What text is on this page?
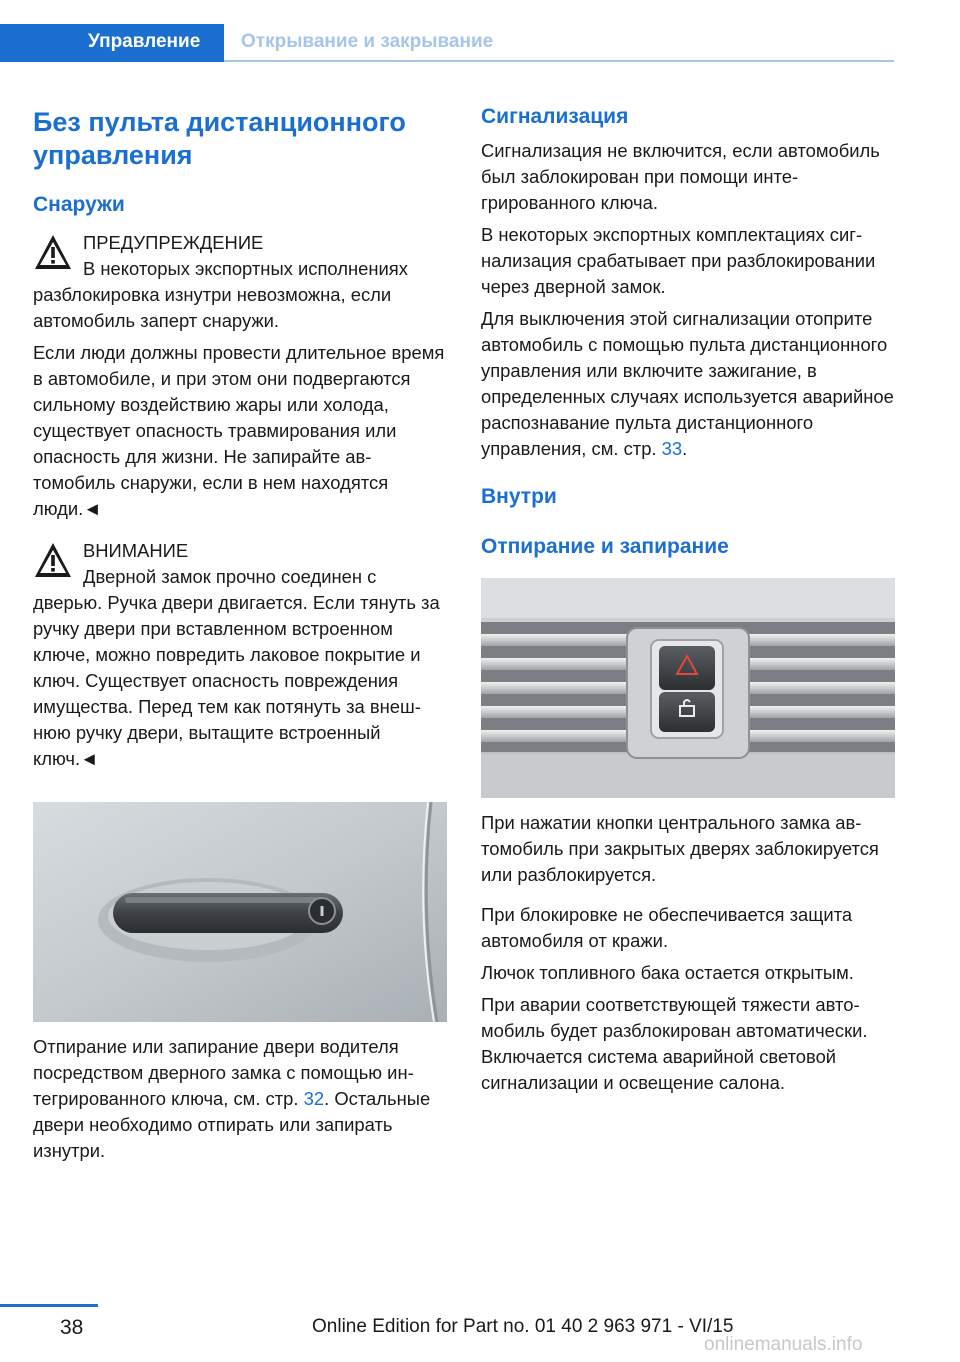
Управление Открывание и закрывание
Без пульта дистанционного управления
Снаружи

ПРЕДУПРЕЖДЕНИЕ

В некоторых экспортных исполнениях

разблокировка изнутри невозможна, если автомобиль заперт снаружи.

Если люди должны провести длительное время в автомобиле, и при этом они подвергаются сильному воздействию жары или холода, существует опасность травмирования или опасность для жизни. Не запирайте автомобиль снаружи, если в нем находятся люди.◄

ВНИМАНИЕ

Дверной замок прочно соединен с

дверью. Ручка двери двигается. Если тянуть за ручку двери при вставленном встроенном ключе, можно повредить лаковое покрытие и ключ. Существует опасность повреждения имущества. Перед тем как потянуть за внешнюю ручку двери, вытащите встроенный ключ.◄

Отпирание или запирание двери водителя посредством дверного замка с помощью интегрированного ключа, см. стр. 32. Остальные двери необходимо отпирать или запирать изнутри.

Сигнализация

Сигнализация не включится, если автомобиль был заблокирован при помощи интегрированного ключа.

В некоторых экспортных комплектациях сигнализация срабатывает при разблокировании через дверной замок.

Для выключения этой сигнализации отоприте автомобиль с помощью пульта дистанционного управления или включите зажигание, в определенных случаях используется аварийное распознавание пульта дистанционного управления, см. стр. 33.

Внутри
Отпирание и запирание

При нажатии кнопки центрального замка автомобиль при закрытых дверях заблокируется или разблокируется.

При блокировке не обеспечивается защита автомобиля от кражи.

Лючок топливного бака остается открытым.

При аварии соответствующей тяжести автомобиль будет разблокирован автоматически. Включается система аварийной световой сигнализации и освещение салона.

38	Online Edition for Part no. 01 40 2 963 971 - VI/15
onlinemanuals.info
